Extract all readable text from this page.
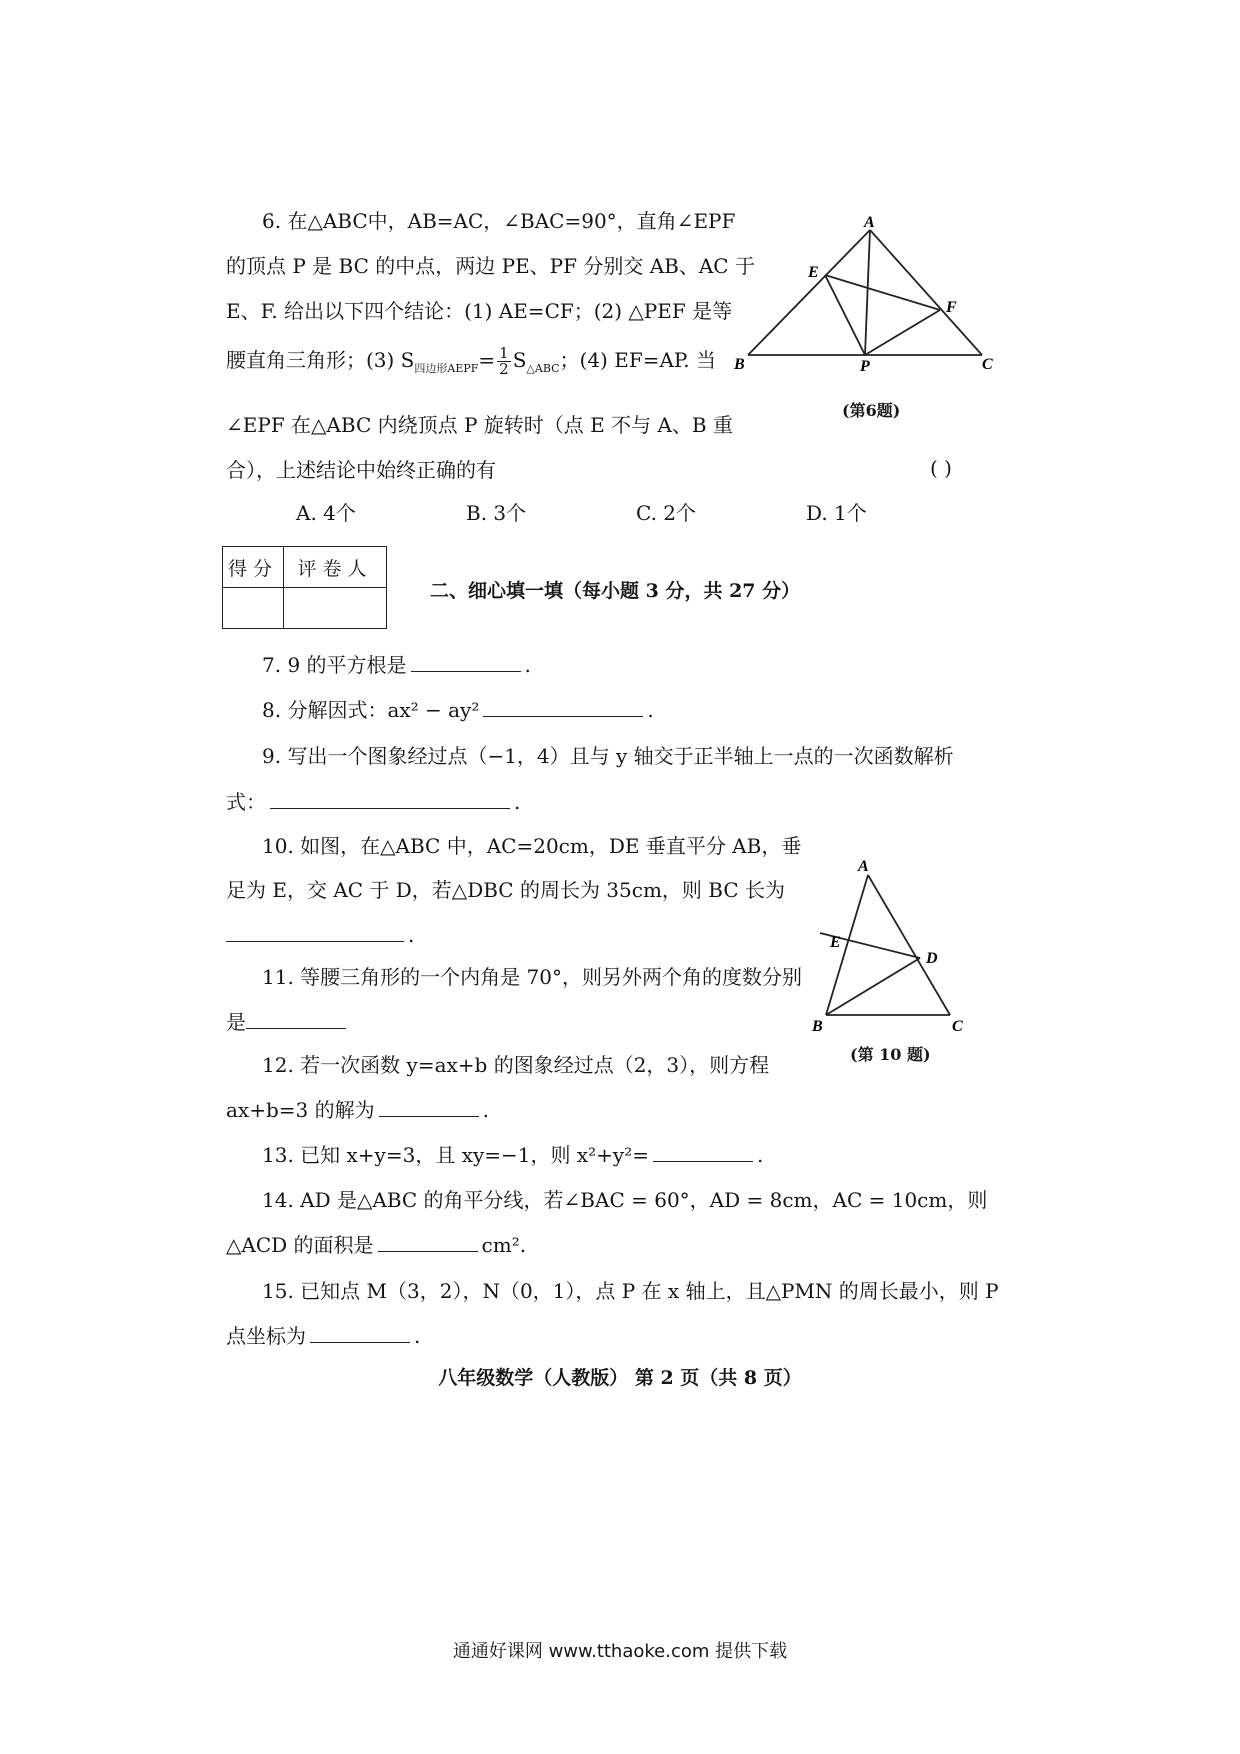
6. 在△ABC中，AB=AC，∠BAC=90°，直角∠EPF
的顶点 P 是 BC 的中点，两边 PE、PF 分别交 AB、AC 于
E、F. 给出以下四个结论：(1) AE=CF；(2) △PEF 是等
腰直角三角形；(3) $S_{四边形AEPF}= \frac{1}{2} S_{\triangle ABC}$；(4) EF=AP. 当
∠EPF 在△ABC 内绕顶点 P 旋转时（点 E 不与 A、B 重
合），上述结论中始终正确的有	( )
A. 4个	B. 3个	C. 2个	D. 1个
A
B	C
E
F
P
(第6题)
得分	评卷人

二、细心填一填（每小题 3 分，共 27 分）
7. 9 的平方根是	.
8. 分解因式：ax² − ay²	.
9. 写出一个图象经过点（−1，4）且与 y 轴交于正半轴上一点的一次函数解析
式：	.
10. 如图，在△ABC 中，AC=20cm，DE 垂直平分 AB，垂
足为 E，交 AC 于 D，若△DBC 的周长为 35cm，则 BC 长为
.
A
B	C
D
E
(第 10 题)
11. 等腰三角形的一个内角是 70°，则另外两个角的度数分别
是
12. 若一次函数 y=ax+b 的图象经过点（2，3），则方程
ax+b=3 的解为	.
13. 已知 x+y=3，且 xy=−1，则 x²+y²=	.
14. AD 是△ABC 的角平分线，若∠BAC = 60°，AD = 8cm，AC = 10cm，则
△ACD 的面积是	cm².
15. 已知点 M（3，2），N（0，1），点 P 在 x 轴上，且△PMN 的周长最小，则 P
点坐标为	.
八年级数学（人教版） 第 2 页（共 8 页）
通通好课网 www.tthaoke.com 提供下载
